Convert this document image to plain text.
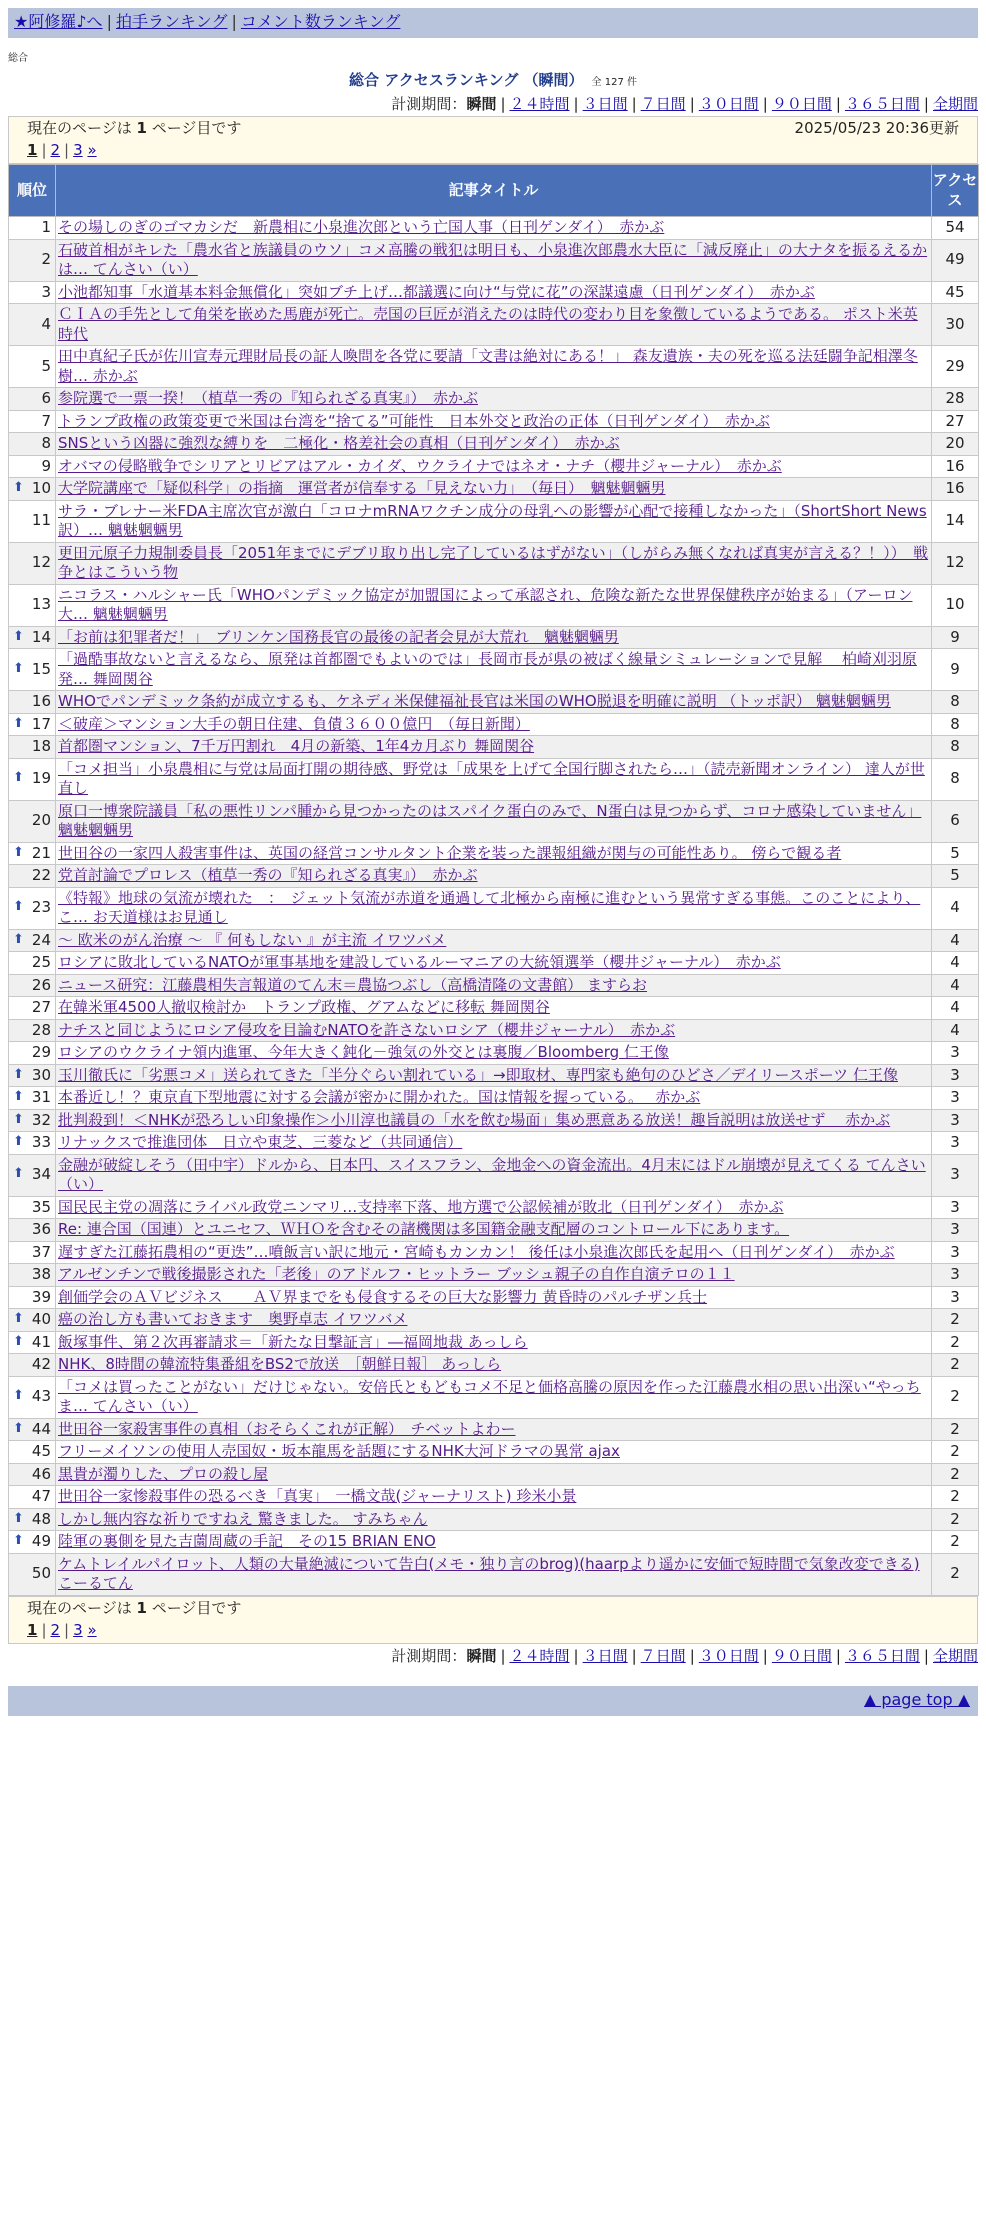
★阿修羅♪へ | 拍手ランキング | コメント数ランキング
総合
総合 アクセスランキング （瞬間） 全 127 件
計測期間：瞬間 | ２４時間 | ３日間 | ７日間 | ３０日間 | ９０日間 | ３６５日間 | 全期間
現在のページは 1 ページ目です	2025/05/23 20:36更新
1 | 2 | 3 »
順位	記事タイトル	アクセス
1	その場しのぎのゴマカシだ　新農相に小泉進次郎という亡国人事（日刊ゲンダイ）　赤かぶ	54
2	石破首相がキレた「農水省と族議員のウソ」コメ高騰の戦犯は明日も、小泉進次郎農水大臣に「減反廃止」の大ナタを振るえるかは… てんさい（い）	49
3	小池都知事「水道基本料金無償化」突如ブチ上げ…都議選に向け“与党に花”の深謀遠慮（日刊ゲンダイ）　赤かぶ	45
4	ＣＩＡの手先として角栄を嵌めた馬鹿が死亡。売国の巨匠が消えたのは時代の変わり目を象徴しているようである。 ポスト米英時代	30
5	田中真紀子氏が佐川宣寿元理財局長の証人喚問を各党に要請「文書は絶対にある！」 森友遺族・夫の死を巡る法廷闘争記相澤冬樹… 赤かぶ	29
6	参院選で一票一揆！（植草一秀の『知られざる真実』）　赤かぶ	28
7	トランプ政権の政策変更で米国は台湾を“捨てる”可能性　日本外交と政治の正体（日刊ゲンダイ）　赤かぶ	27
8	SNSという凶器に強烈な縛りを　二極化・格差社会の真相（日刊ゲンダイ）　赤かぶ	20
9	オバマの侵略戦争でシリアとリビアはアル・カイダ、ウクライナではネオ・ナチ（櫻井ジャーナル）　赤かぶ	16

⬆ 10	大学院講座で「疑似科学」の指摘　運営者が信奉する「見えない力」　（毎日）　魑魅魍魎男	16
11	サラ・ブレナー米FDA主席次官が激白「コロナmRNAワクチン成分の母乳への影響が心配で接種しなかった」（ShortShort News訳）… 魑魅魍魎男	14
12	更田元原子力規制委員長「2051年までにデブリ取り出し完了しているはずがない」（しがらみ無くなれば真実が言える？！））　戦争とはこういう物	12
13	ニコラス・ハルシャー氏「WHOパンデミック協定が加盟国によって承認され、危険な新たな世界保健秩序が始まる」（アーロン大… 魑魅魍魎男	10

⬆ 14	「お前は犯罪者だ！」　ブリンケン国務長官の最後の記者会見が大荒れ　魑魅魍魎男	9

⬆ 15	「過酷事故ないと言えるなら、原発は首都圏でもよいのでは」長岡市長が県の被ばく線量シミュレーションで見解　 柏崎刈羽原発… 舞岡関谷	9
16	WHOでパンデミック条約が成立するも、ケネディ米保健福祉長官は米国のWHO脱退を明確に説明 （トッポ訳） 魑魅魍魎男	8

⬆ 17	＜破産＞マンション大手の朝日住建、負債３６００億円　（毎日新聞）	8
18	首都圏マンション、7千万円割れ　4月の新築、1年4カ月ぶり 舞岡関谷	8

⬆ 19	「コメ担当」小泉農相に与党は局面打開の期待感、野党は「成果を上げて全国行脚されたら…」（読売新聞オンライン） 達人が世直し	8
20	原口一博衆院議員「私の悪性リンパ腫から見つかったのはスパイク蛋白のみで、N蛋白は見つからず、コロナ感染していません」 魑魅魍魎男	6

⬆ 21	世田谷の一家四人殺害事件は、英国の経営コンサルタント企業を装った課報組織が関与の可能性あり。 傍らで観る者	5
22	党首討論でプロレス（植草一秀の『知られざる真実』）　赤かぶ	5

⬆ 23	《特報》地球の気流が壊れた　：　ジェット気流が赤道を通過して北極から南極に進むという異常すぎる事態。このことにより、こ… お天道様はお見通し	4

⬆ 24	～ 欧米のがん治療 ～ 『 何もしない 』が主流 イワツバメ	4
25	ロシアに敗北しているNATOが軍事基地を建設しているルーマニアの大統領選挙（櫻井ジャーナル）　赤かぶ	4
26	ニュース研究：江藤農相失言報道のてん末＝農協つぶし（高橋清隆の文書館） ますらお	4
27	在韓米軍4500人撤収検討か　トランプ政権、グアムなどに移転 舞岡関谷	4
28	ナチスと同じようにロシア侵攻を目論むNATOを許さないロシア（櫻井ジャーナル）　赤かぶ	4
29	ロシアのウクライナ領内進軍、今年大きく鈍化－強気の外交とは裏腹／Bloomberg 仁王像	3

⬆ 30	玉川徹氏に「劣悪コメ」送られてきた「半分ぐらい割れている」→即取材、専門家も絶句のひどさ／デイリースポーツ 仁王像	3

⬆ 31	本番近し！？東京直下型地震に対する会議が密かに開かれた。国は情報を握っている。　 赤かぶ	3

⬆ 32	批判殺到！＜NHKが恐ろしい印象操作＞小川淳也議員の「水を飲む場面」集め悪意ある放送！趣旨説明は放送せず　 赤かぶ	3

⬆ 33	リナックスで推進団体　日立や東芝、三菱など（共同通信）	3

⬆ 34	金融が破綻しそう（田中宇）ドルから、日本円、スイスフラン、金地金への資金流出。4月末にはドル崩壊が見えてくる てんさい（い）	3
35	国民民主党の凋落にライバル政党ニンマリ…支持率下落、地方選で公認候補が敗北（日刊ゲンダイ）　赤かぶ	3
36	Re: 連合国（国連）とユニセフ、ＷＨＯを含むその諸機関は多国籍金融支配層のコントロール下にあります。	3
37	遅すぎた江藤拓農相の“更迭”…噴飯言い訳に地元・宮崎もカンカン！ 後任は小泉進次郎氏を起用へ（日刊ゲンダイ）　赤かぶ	3
38	アルゼンチンで戦後撮影された「老後」のアドルフ・ヒットラー ブッシュ親子の自作自演テロの１１	3
39	創価学会のＡＶビジネス　　ＡＶ界までをも侵食するその巨大な影響力 黄昏時のパルチザン兵士	3

⬆ 40	癌の治し方も書いておきます　奥野卓志 イワツバメ	2

⬆ 41	飯塚事件、第２次再審請求＝「新たな目撃証言」―福岡地裁 あっしら	2
42	NHK、8時間の韓流特集番組をBS2で放送　［朝鮮日報］ あっしら	2

⬆ 43	「コメは買ったことがない」だけじゃない。安倍氏ともどもコメ不足と価格高騰の原因を作った江藤農水相の思い出深い“やっちま… てんさい（い）	2

⬆ 44	世田谷一家殺害事件の真相（おそらくこれが正解）　チベットよわー	2
45	フリーメイソンの使用人売国奴・坂本龍馬を話題にするNHK大河ドラマの異常 ajax	2
46	黒貴が濁りした、プロの殺し屋	2
47	世田谷一家惨殺事件の恐るべき「真実」　一橋文哉(ジャーナリスト) 珍米小景	2

⬆ 48	しかし無内容な祈りですねえ 驚きました。 すみちゃん	2

⬆ 49	陸軍の裏側を見た吉薗周蔵の手記　その15 BRIAN ENO	2
50	ケムトレイルパイロット、人類の大量絶滅について告白(メモ・独り言のbrog)(haarpより遥かに安価で短時間で気象改変できる) こーるてん	2
現在のページは 1 ページ目です
1 | 2 | 3 »
計測期間：瞬間 | ２４時間 | ３日間 | ７日間 | ３０日間 | ９０日間 | ３６５日間 | 全期間
▲ page top ▲
